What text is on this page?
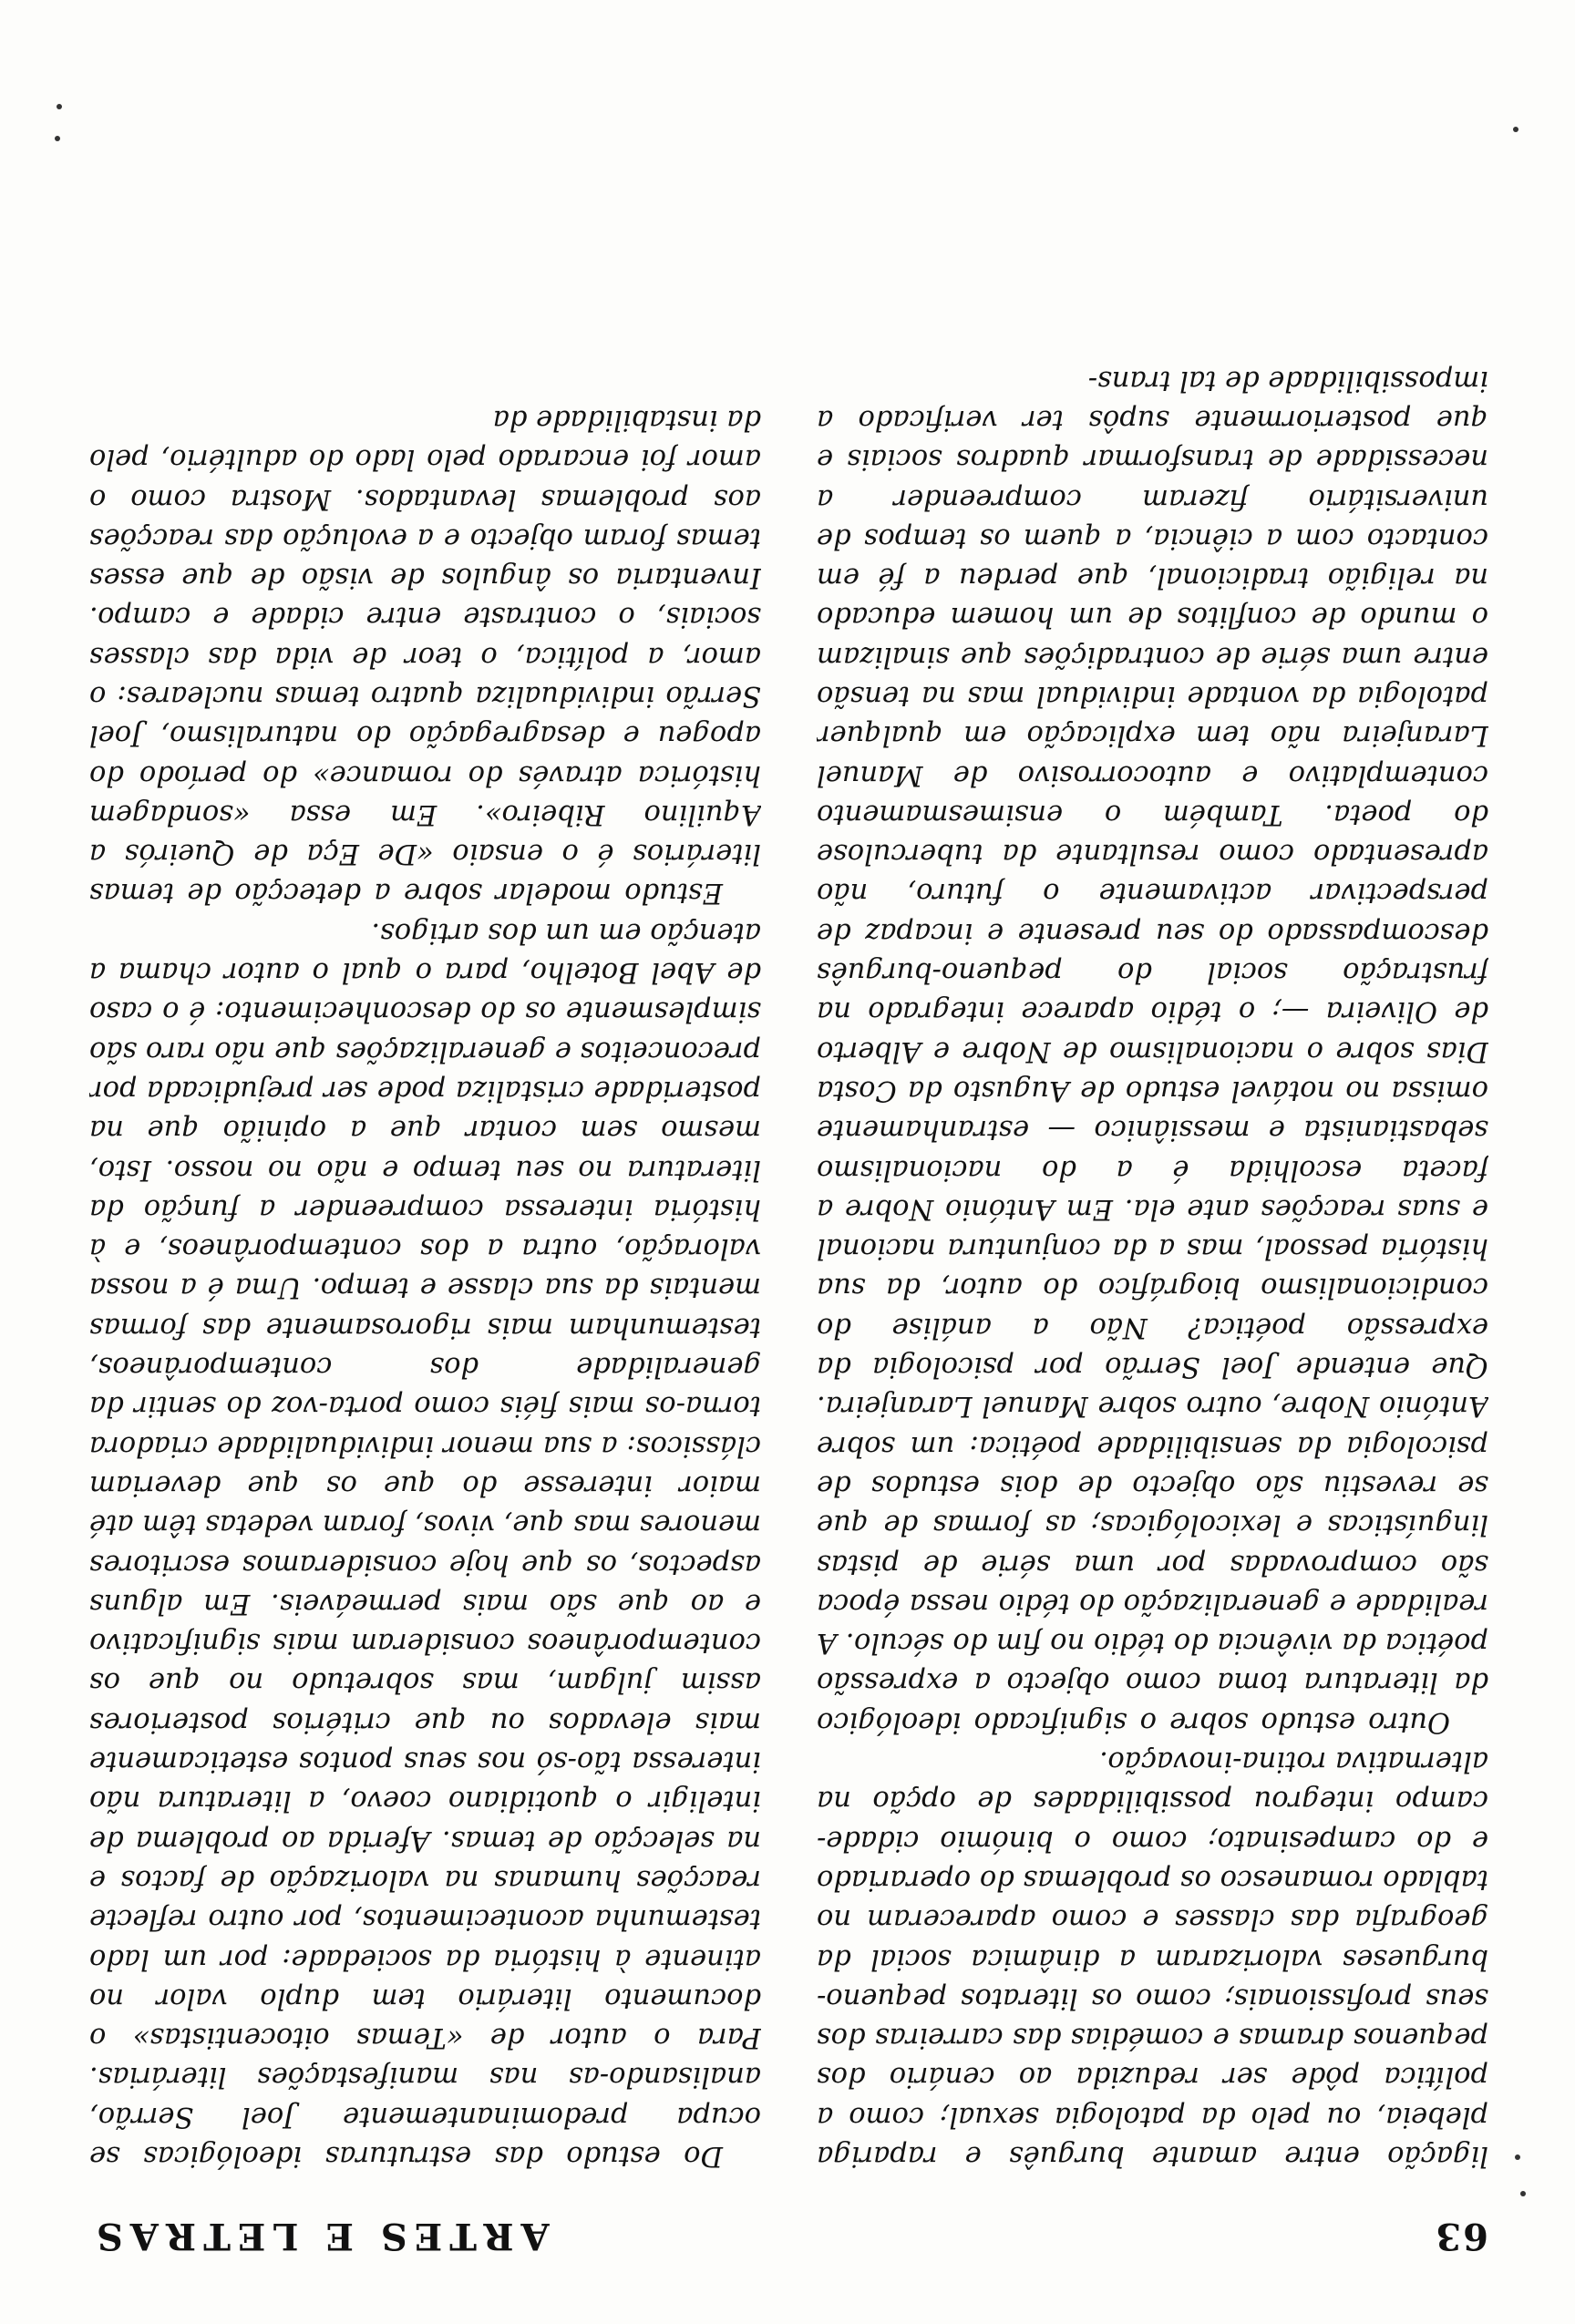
63
ARTES E LETRAS

ligação entre amante burguês e rapariga plebeia, ou pelo da patologia sexual; como a política pôde ser reduzida ao cenário dos pequenos dramas e comédias das carreiras dos seus profissionais; como os literatos pequeno-burgueses valorizaram a dinâmica social da geografia das classes e como apareceram no tablado romanesco os problemas do operariado e do campesinato; como o binómio cidade-campo integrou possibilidades de opção na alternativa rotina-inovação.

Outro estudo sobre o significado ideológico da literatura toma como objecto a expressão poética da vivência do tédio no fim do século. A realidade e generalização do tédio nessa época são comprovadas por uma série de pistas linguísticas e lexicológicas; as formas de que se revestiu são objecto de dois estudos de psicologia da sensibilidade poética: um sobre António Nobre, outro sobre Manuel Laranjeira. Que entende Joel Serrão por psicologia da expressão poética? Não a análise do condicionalismo biográfico do autor, da sua história pessoal, mas a da conjuntura nacional e suas reacções ante ela. Em António Nobre a faceta escolhida é a do nacionalismo sebastianista e messiânico — estranhamente omissa no notável estudo de Augusto da Costa Dias sobre o nacionalismo de Nobre e Alberto de Oliveira —; o tédio aparece integrado na frustração social do pequeno-burguês descompassado do seu presente e incapaz de perspectivar activamente o futuro, não apresentado como resultante da tuberculose do poeta. Também o ensimesmamento contemplativo e autocorrosivo de Manuel Laranjeira não tem explicação em qualquer patologia da vontade individual mas na tensão entre uma série de contradições que sinalizam o mundo de conflitos de um homem educado na religião tradicional, que perdeu a fé em contacto com a ciência, a quem os tempos de universitário fizeram compreender a necessidade de transformar quadros sociais e que posteriormente supôs ter verificado a impossibilidade de tal trans-

Do estudo das estruturas ideológicas se ocupa predominantemente Joel Serrão, analisando-as nas manifestações literárias. Para o autor de «Temas oitocentistas» o documento literário tem duplo valor no atinente à história da sociedade: por um lado testemunha acontecimentos, por outro reflecte reacções humanas na valorização de factos e na selecção de temas. Aferida ao problema de inteligir o quotidiano coevo, a literatura não interessa tão-só nos seus pontos esteticamente mais elevados ou que critérios posteriores assim julgam, mas sobretudo no que os contemporâneos consideram mais significativo e ao que são mais permeáveis. Em alguns aspectos, os que hoje consideramos escritores menores mas que, vivos, foram vedetas têm até maior interesse do que os que deveriam clássicos: a sua menor individualidade criadora torna-os mais fiéis como porta-voz do sentir da generalidade dos contemporâneos, testemunham mais rigorosamente das formas mentais da sua classe e tempo. Uma é a nossa valoração, outra a dos contemporâneos, e à história interessa compreender a função da literatura no seu tempo e não no nosso. Isto, mesmo sem contar que a opinião que na posteridade cristaliza pode ser prejudicada por preconceitos e generalizações que não raro são simplesmente os do desconhecimento: é o caso de Abel Botelho, para o qual o autor chama a atenção em um dos artigos.

Estudo modelar sobre a detecção de temas literários é o ensaio «De Eça de Queirós a Aquilino Ribeiro». Em essa «sondagem histórica através do romance» do período do apogeu e desagregação do naturalismo, Joel Serrão individualiza quatro temas nucleares: o amor, a política, o teor de vida das classes sociais, o contraste entre cidade e campo. Inventaria os ângulos de visão de que esses temas foram objecto e a evolução das reacções aos problemas levantados. Mostra como o amor foi encarado pelo lado do adultério, pelo da instabilidade da
